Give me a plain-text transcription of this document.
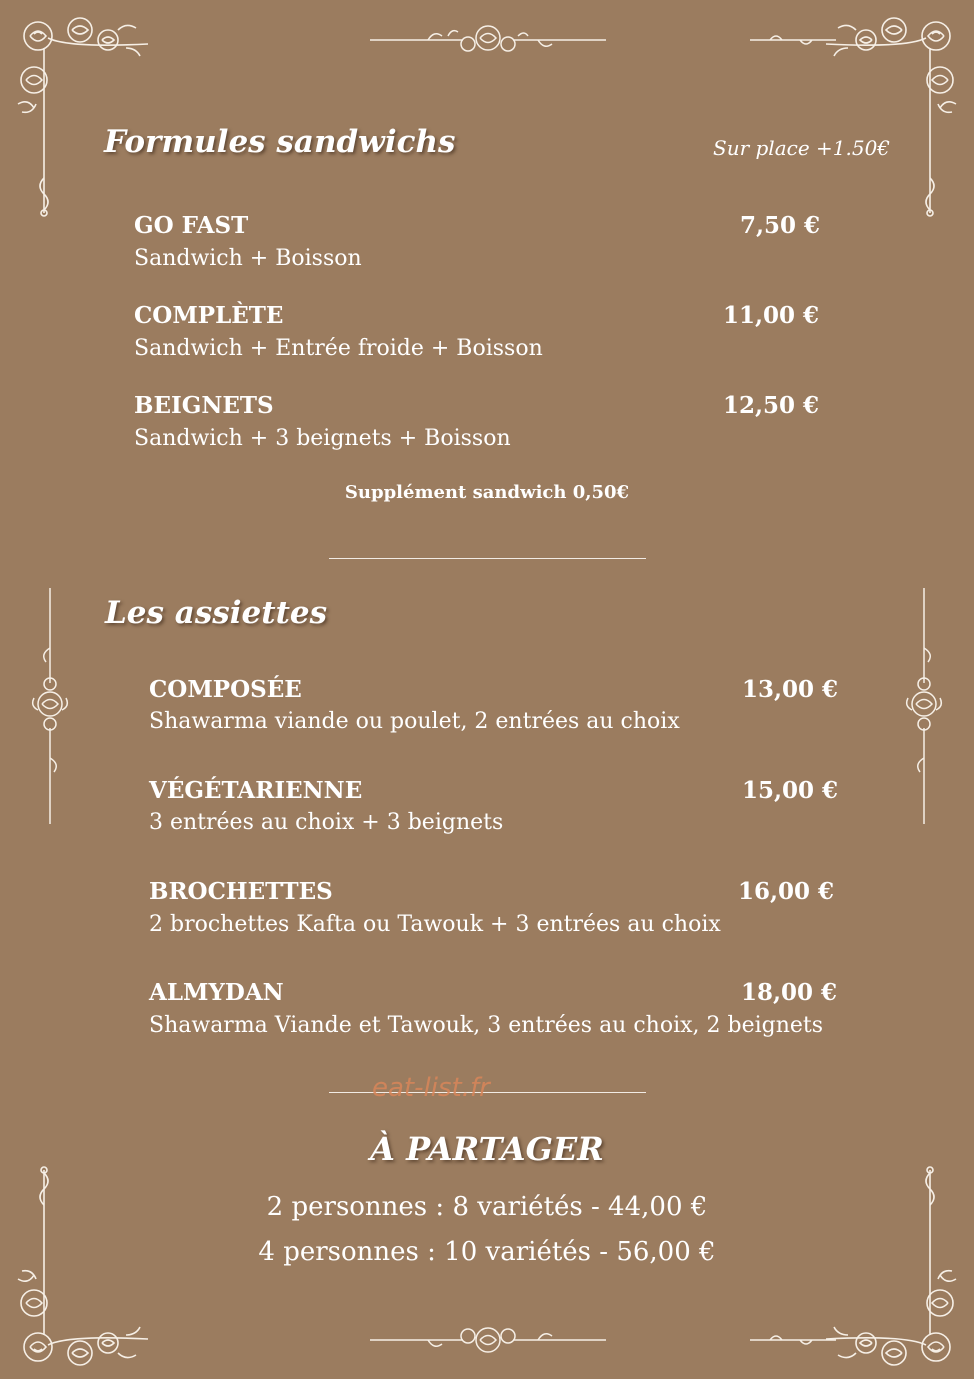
Formules sandwichs	Sur place +1.50€
GO FAST	7,50 €
Sandwich + Boisson
COMPLÈTE	11,00 €
Sandwich + Entrée froide + Boisson
BEIGNETS	12,50 €
Sandwich + 3 beignets + Boisson
Supplément sandwich 0,50€
Les assiettes
COMPOSÉE	13,00 €
Shawarma viande ou poulet, 2 entrées au choix
VÉGÉTARIENNE	15,00 €
3 entrées au choix + 3 beignets
BROCHETTES	16,00 €
2 brochettes Kafta ou Tawouk + 3 entrées au choix
ALMYDAN	18,00 €
Shawarma Viande et Tawouk, 3 entrées au choix, 2 beignets
eat-list.fr
À PARTAGER
2 personnes : 8 variétés - 44,00 €
4 personnes : 10 variétés - 56,00 €
